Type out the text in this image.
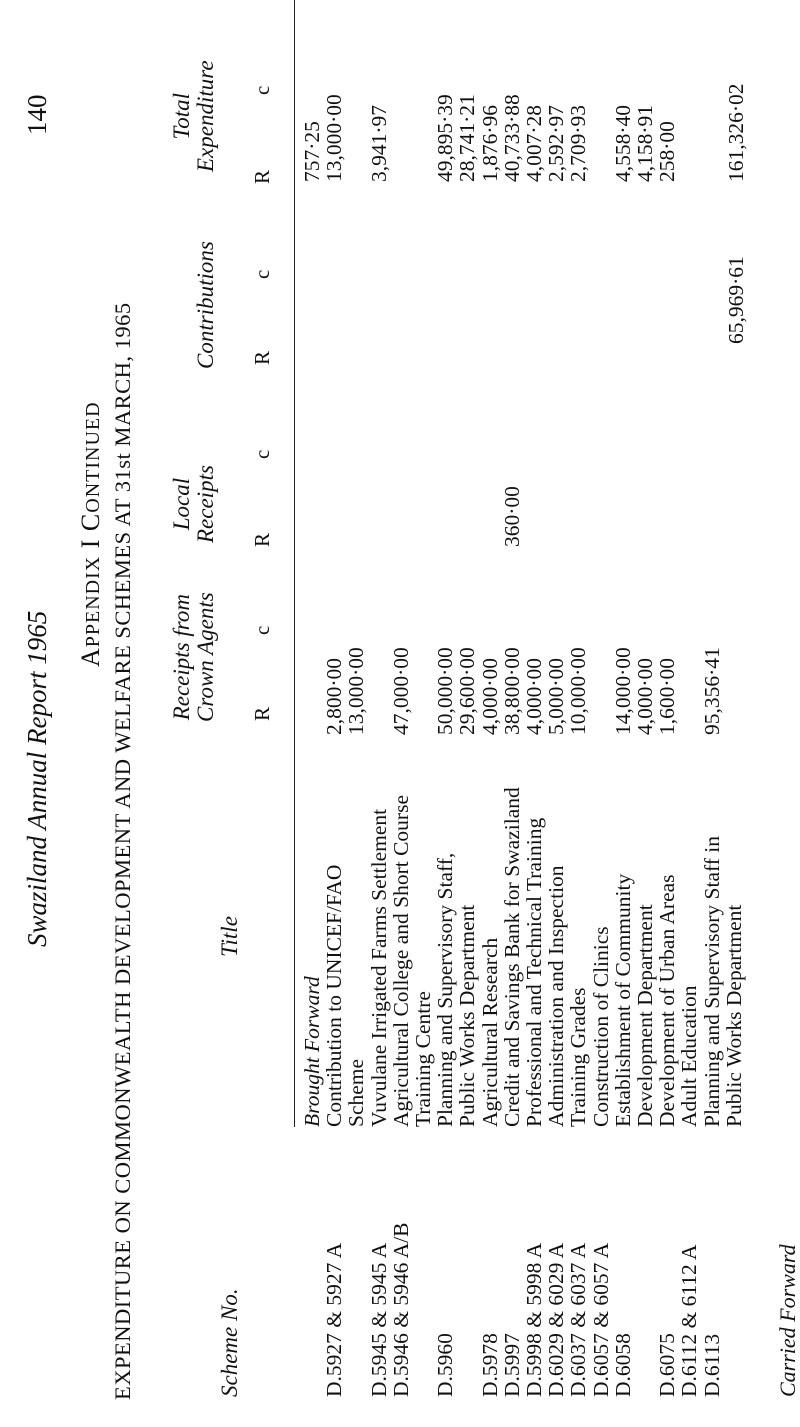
140
Swaziland Annual Report 1965 APPENDIX I CONTINUED EXPENDITURE ON COMMONWEALTH DEVELOPMENT AND WELFARE SCHEMES AT 31st MARCH, 1965	Scheme No.
Title
Receipts from Crown Agents
Local Receipts
Contributions
Total Expenditure
R
c
R
c
R
c
R
c
Brought Forward
757·25
D.5927 & 5927 A
Contribution to UNICEF/FAO
2,800·00
13,000·00
Scheme
13,000·00
D.5945 & 5945 A
Vuvulane Irrigated Farms Settlement
3,941·97
D.5946 & 5946 A/B
Agricultural College and Short Course
47,000·00
Training Centre
D.5960
Planning and Supervisory Staff,
50,000·00
49,895·39
Public Works Department
29,600·00
28,741·21
D.5978
Agricultural Research
4,000·00
1,876·96
D.5997
Credit and Savings Bank for Swaziland
38,800·00
360·00
40,733·88
D.5998 & 5998 A
Professional and Technical Training
4,000·00
4,007·28
D.6029 & 6029 A
Administration and Inspection
5,000·00
2,592·97
D.6037 & 6037 A
Training Grades
10,000·00
2,709·93
D.6057 & 6057 A
Construction of Clinics
D.6058
Establishment of Community
14,000·00
4,558·40
Development Department
4,000·00
4,158·91
D.6075
Development of Urban Areas
1,600·00
258·00
D.6112 & 6112 A
Adult Education
D.6113
Planning and Supervisory Staff in
95,356·41
Public Works Department
65,969·61
161,326·02
Carried Forward
